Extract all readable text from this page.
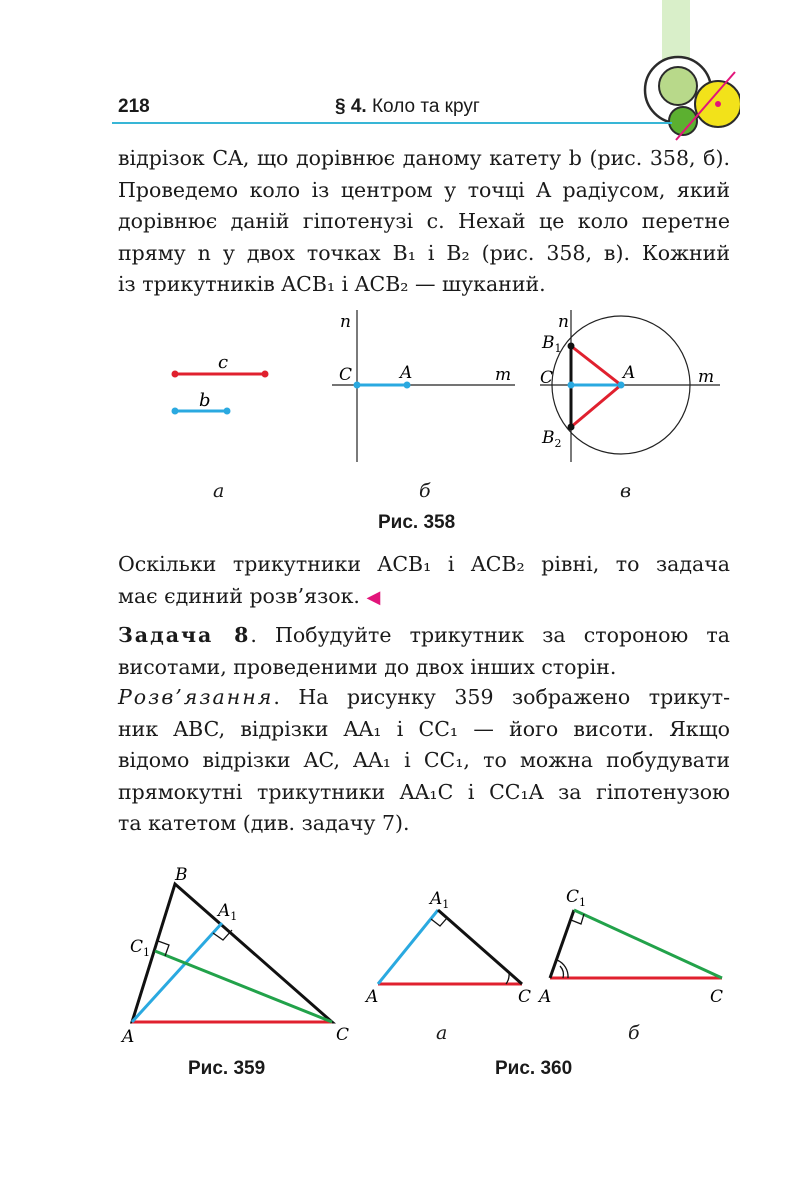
218	§ 4. Коло та круг
відрізок CA, що дорівнює даному катету b (рис. 358, б).
Проведемо коло із центром у точці A радіусом, який
дорівнює даній гіпотенузі c. Нехай це коло перетне
пряму n у двох точках B₁ і B₂ (рис. 358, в). Кожний
із трикутників ACB₁ і ACB₂ — шуканий.
c
b
n
C	A	m
n
$B_1$
C	A	m
$B_2$
а	б	в
Рис. 358
Оскільки трикутники ACB₁ і ACB₂ рівні, то задача
має єдиний розв’язок. ◀
Задача 8. Побудуйте трикутник за стороною та
висотами, проведеними до двох інших сторін.
Розв’язання. На рисунку 359 зображено трикут-
ник ABC, відрізки AA₁ і CC₁ — його висоти. Якщо
відомо відрізки AC, AA₁ і CC₁, то можна побудувати
прямокутні трикутники AA₁C і CC₁A за гіпотенузою
та катетом (див. задачу 7).
A
B
C
$A_1$
$C_1$
Рис. 359
A	C
$A_1$
A	C
$C_1$
а	б
Рис. 360
